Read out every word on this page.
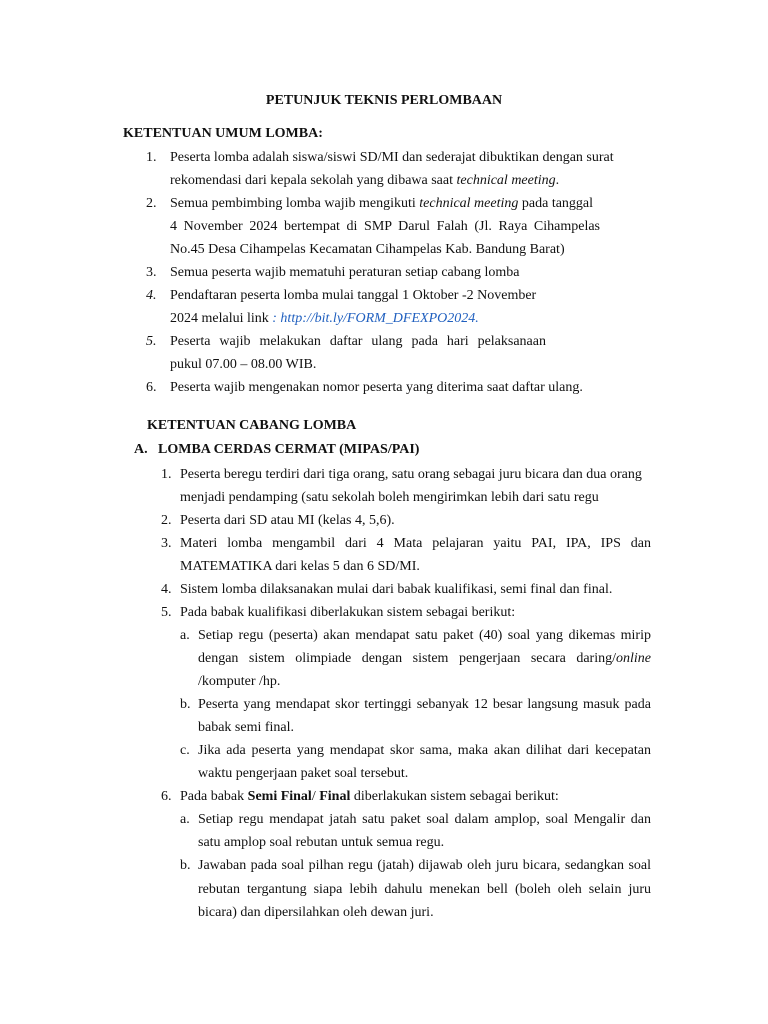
PETUNJUK TEKNIS PERLOMBAAN
KETENTUAN UMUM LOMBA:
1. Peserta lomba adalah siswa/siswi SD/MI dan sederajat dibuktikan dengan surat
rekomendasi dari kepala sekolah yang dibawa saat technical meeting.
2. Semua pembimbing lomba wajib mengikuti technical meeting pada tanggal
4 November 2024 bertempat di SMP Darul Falah (Jl. Raya Cihampelas
No.45 Desa Cihampelas Kecamatan Cihampelas Kab. Bandung Barat)
3. Semua peserta wajib mematuhi peraturan setiap cabang lomba
4. Pendaftaran peserta lomba mulai tanggal 1 Oktober -2 November
2024 melalui link : http://bit.ly/FORM_DFEXPO2024.
5. Peserta wajib melakukan daftar ulang pada hari pelaksanaan
pukul 07.00 – 08.00 WIB.
6. Peserta wajib mengenakan nomor peserta yang diterima saat daftar ulang.
KETENTUAN CABANG LOMBA
A. LOMBA CERDAS CERMAT (MIPAS/PAI)
1. Peserta beregu terdiri dari tiga orang, satu orang sebagai juru bicara dan dua orang
menjadi pendamping (satu sekolah boleh mengirimkan lebih dari satu regu
2. Peserta dari SD atau MI (kelas 4, 5,6).
3. Materi lomba mengambil dari 4 Mata pelajaran yaitu PAI, IPA, IPS dan
MATEMATIKA dari kelas 5 dan 6 SD/MI.
4. Sistem lomba dilaksanakan mulai dari babak kualifikasi, semi final dan final.
5. Pada babak kualifikasi diberlakukan sistem sebagai berikut:
a. Setiap regu (peserta) akan mendapat satu paket (40) soal yang dikemas mirip
dengan sistem olimpiade dengan sistem pengerjaan secara daring/online
/komputer /hp.
b. Peserta yang mendapat skor tertinggi sebanyak 12 besar langsung masuk pada
babak semi final.
c. Jika ada peserta yang mendapat skor sama, maka akan dilihat dari kecepatan
waktu pengerjaan paket soal tersebut.
6. Pada babak Semi Final/ Final diberlakukan sistem sebagai berikut:
a. Setiap regu mendapat jatah satu paket soal dalam amplop, soal Mengalir dan
satu amplop soal rebutan untuk semua regu.
b. Jawaban pada soal pilhan regu (jatah) dijawab oleh juru bicara, sedangkan soal
rebutan tergantung siapa lebih dahulu menekan bell (boleh oleh selain juru
bicara) dan dipersilahkan oleh dewan juri.
